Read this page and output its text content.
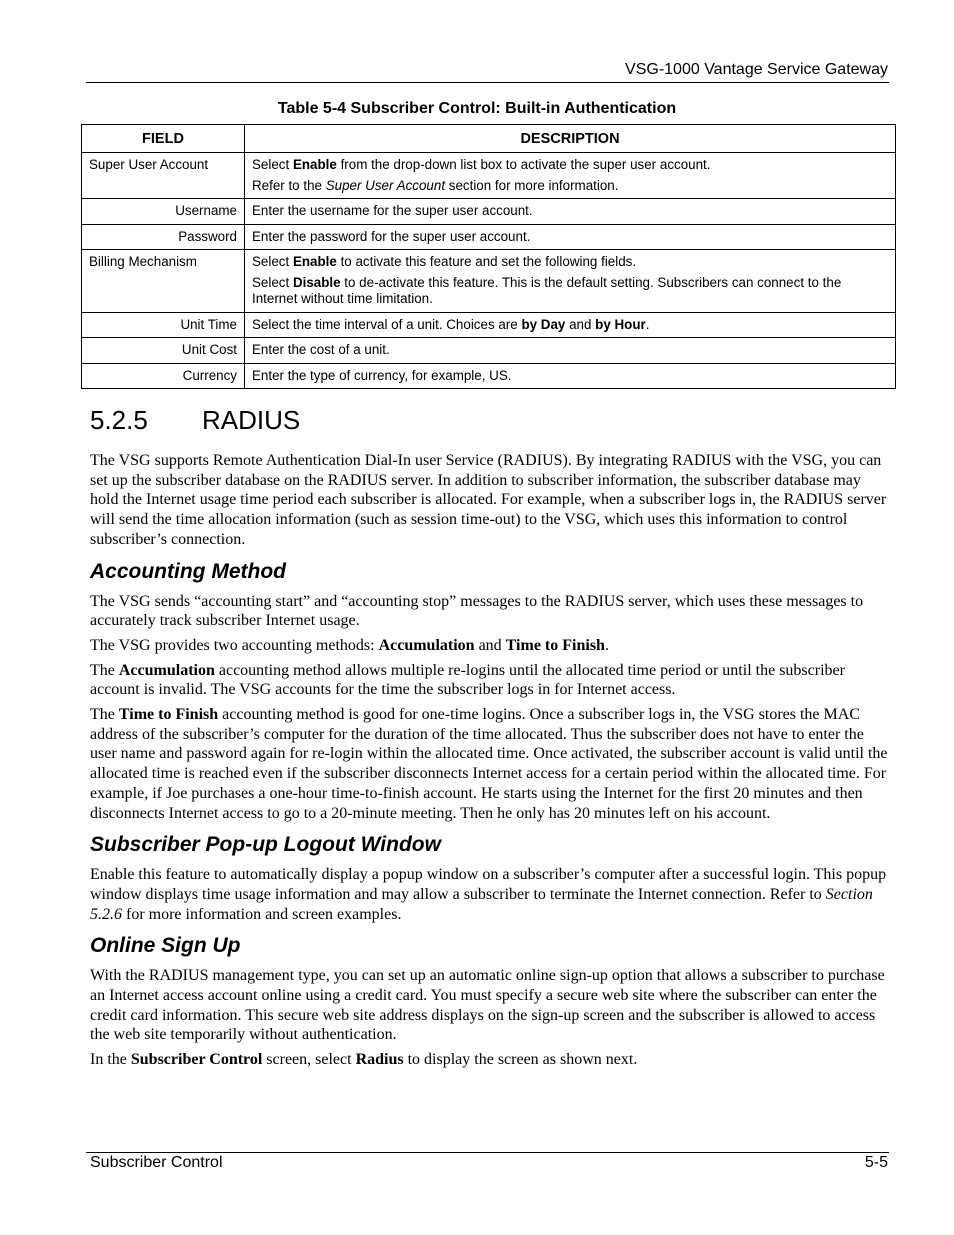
VSG-1000 Vantage Service Gateway
Table 5-4 Subscriber Control: Built-in Authentication
FIELD	DESCRIPTION
Super User Account	Select Enable from the drop-down list box to activate the super user account.

Refer to the Super User Account section for more information.

Username	Enter the username for the super user account.
Password	Enter the password for the super user account.
Billing Mechanism	Select Enable to activate this feature and set the following fields.

Select Disable to de-activate this feature. This is the default setting. Subscribers can connect to the Internet without time limitation.

Unit Time	Select the time interval of a unit. Choices are by Day and by Hour.
Unit Cost	Enter the cost of a unit.
Currency	Enter the type of currency, for example, US.
5.2.5 RADIUS

The VSG supports Remote Authentication Dial-In user Service (RADIUS). By integrating RADIUS with the VSG, you can set up the subscriber database on the RADIUS server. In addition to subscriber information, the subscriber database may hold the Internet usage time period each subscriber is allocated. For example, when a subscriber logs in, the RADIUS server will send the time allocation information (such as session time-out) to the VSG, which uses this information to control subscriber’s connection.

Accounting Method

The VSG sends “accounting start” and “accounting stop” messages to the RADIUS server, which uses these messages to accurately track subscriber Internet usage.

The VSG provides two accounting methods: Accumulation and Time to Finish.

The Accumulation accounting method allows multiple re-logins until the allocated time period or until the subscriber account is invalid. The VSG accounts for the time the subscriber logs in for Internet access.

The Time to Finish accounting method is good for one-time logins. Once a subscriber logs in, the VSG stores the MAC address of the subscriber’s computer for the duration of the time allocated. Thus the subscriber does not have to enter the user name and password again for re-login within the allocated time. Once activated, the subscriber account is valid until the allocated time is reached even if the subscriber disconnects Internet access for a certain period within the allocated time. For example, if Joe purchases a one-hour time-to-finish account. He starts using the Internet for the first 20 minutes and then disconnects Internet access to go to a 20-minute meeting. Then he only has 20 minutes left on his account.

Subscriber Pop-up Logout Window

Enable this feature to automatically display a popup window on a subscriber’s computer after a successful login. This popup window displays time usage information and may allow a subscriber to terminate the Internet connection. Refer to Section 5.2.6 for more information and screen examples.

Online Sign Up

With the RADIUS management type, you can set up an automatic online sign-up option that allows a subscriber to purchase an Internet access account online using a credit card. You must specify a secure web site where the subscriber can enter the credit card information. This secure web site address displays on the sign-up screen and the subscriber is allowed to access the web site temporarily without authentication.

In the Subscriber Control screen, select Radius to display the screen as shown next.

Subscriber Control	5-5
